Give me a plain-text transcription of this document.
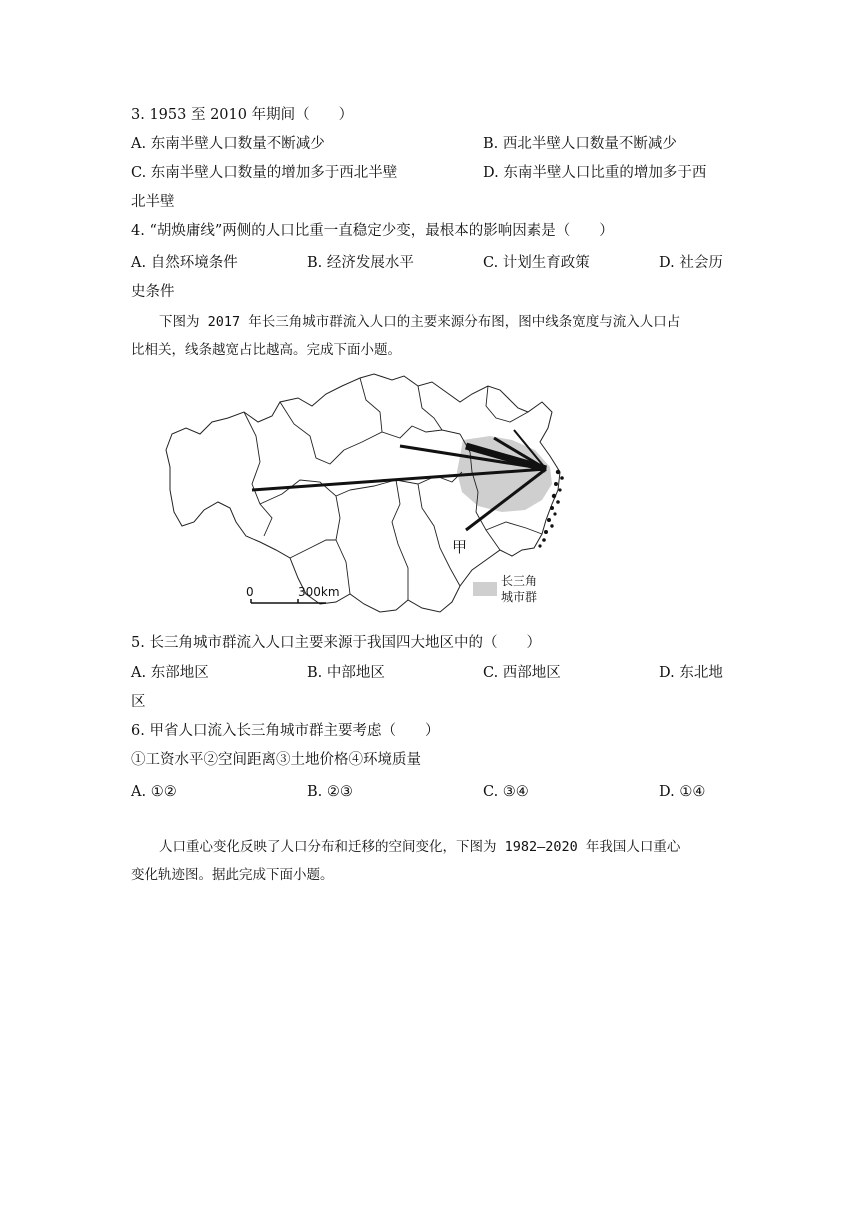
3. 1953 至 2010 年期间（　　）
A. 东南半壁人口数量不断减少	B. 西北半壁人口数量不断减少
C. 东南半壁人口数量的增加多于西北半壁	D. 东南半壁人口比重的增加多于西
北半壁
4. “胡焕庸线”两侧的人口比重一直稳定少变，最根本的影响因素是（　　）
A. 自然环境条件	B. 经济发展水平	C. 计划生育政策	D. 社会历
史条件
下图为 2017 年长三角城市群流入人口的主要来源分布图，图中线条宽度与流入人口占
比相关，线条越宽占比越高。完成下面小题。
甲
0	300km
长三角
城市群
5. 长三角城市群流入人口主要来源于我国四大地区中的（　　）
A. 东部地区	B. 中部地区	C. 西部地区	D. 东北地
区
6. 甲省人口流入长三角城市群主要考虑（　　）
①工资水平②空间距离③土地价格④环境质量
A. ①②	B. ②③	C. ③④	D. ①④
人口重心变化反映了人口分布和迁移的空间变化，下图为 1982—2020 年我国人口重心
变化轨迹图。据此完成下面小题。
